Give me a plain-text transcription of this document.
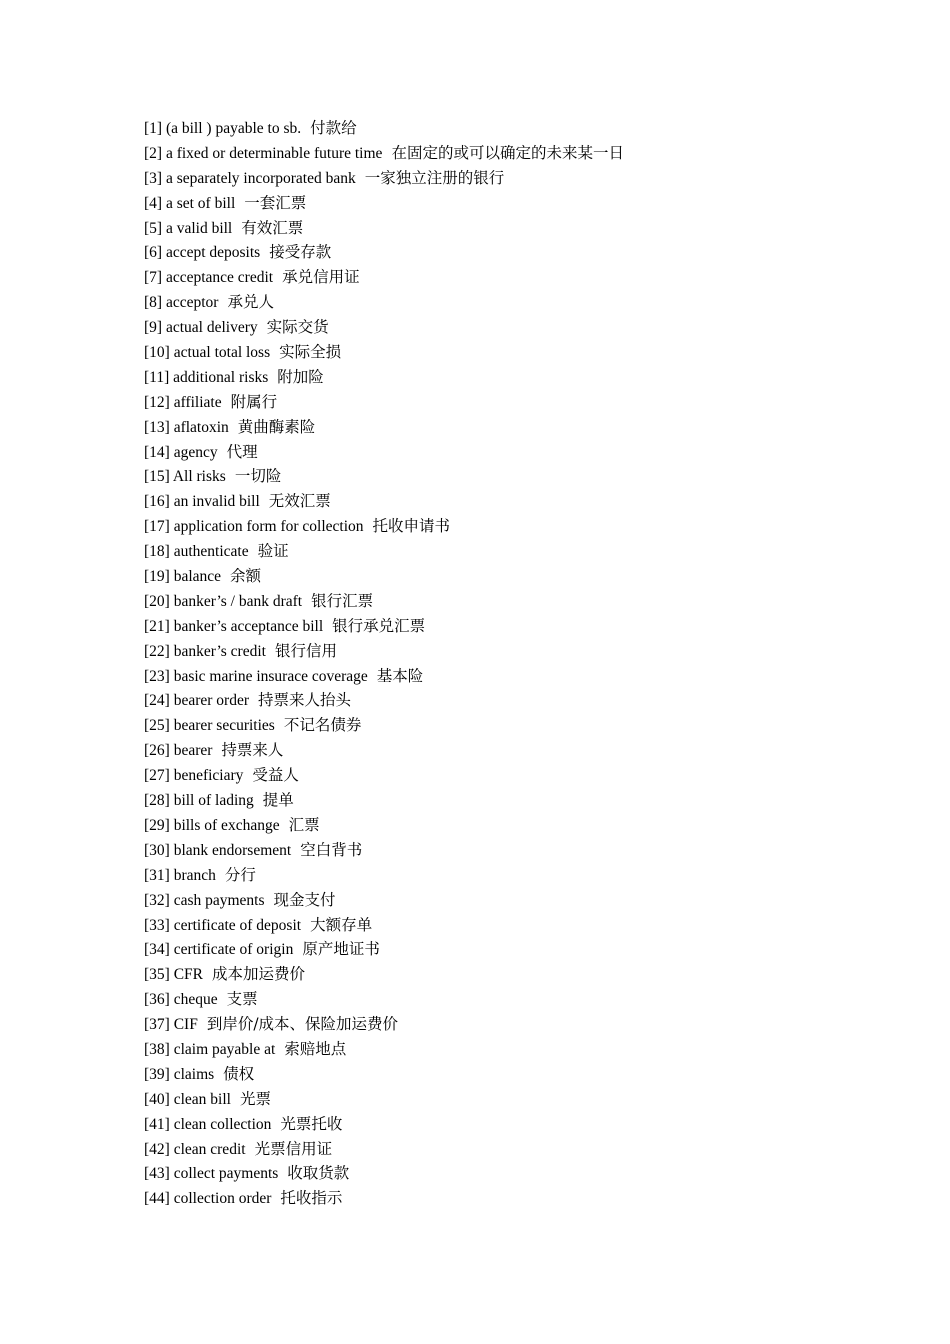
[1] (a bill ) payable to sb. 付款给
[2] a fixed or determinable future time 在固定的或可以确定的未来某一日
[3] a separately incorporated bank 一家独立注册的银行
[4] a set of bill 一套汇票
[5] a valid bill 有效汇票
[6] accept deposits 接受存款
[7] acceptance credit 承兑信用证
[8] acceptor 承兑人
[9] actual delivery 实际交货
[10] actual total loss 实际全损
[11] additional risks 附加险
[12] affiliate 附属行
[13] aflatoxin 黄曲酶素险
[14] agency 代理
[15] All risks 一切险
[16] an invalid bill 无效汇票
[17] application form for collection 托收申请书
[18] authenticate 验证
[19] balance 余额
[20] banker’s / bank draft 银行汇票
[21] banker’s acceptance bill 银行承兑汇票
[22] banker’s credit 银行信用
[23] basic marine insurace coverage 基本险
[24] bearer order 持票来人抬头
[25] bearer securities 不记名债券
[26] bearer 持票来人
[27] beneficiary 受益人
[28] bill of lading 提单
[29] bills of exchange 汇票
[30] blank endorsement 空白背书
[31] branch 分行
[32] cash payments 现金支付
[33] certificate of deposit 大额存单
[34] certificate of origin 原产地证书
[35] CFR 成本加运费价
[36] cheque 支票
[37] CIF 到岸价/成本、保险加运费价
[38] claim payable at 索赔地点
[39] claims 债权
[40] clean bill 光票
[41] clean collection 光票托收
[42] clean credit 光票信用证
[43] collect payments 收取货款
[44] collection order 托收指示
